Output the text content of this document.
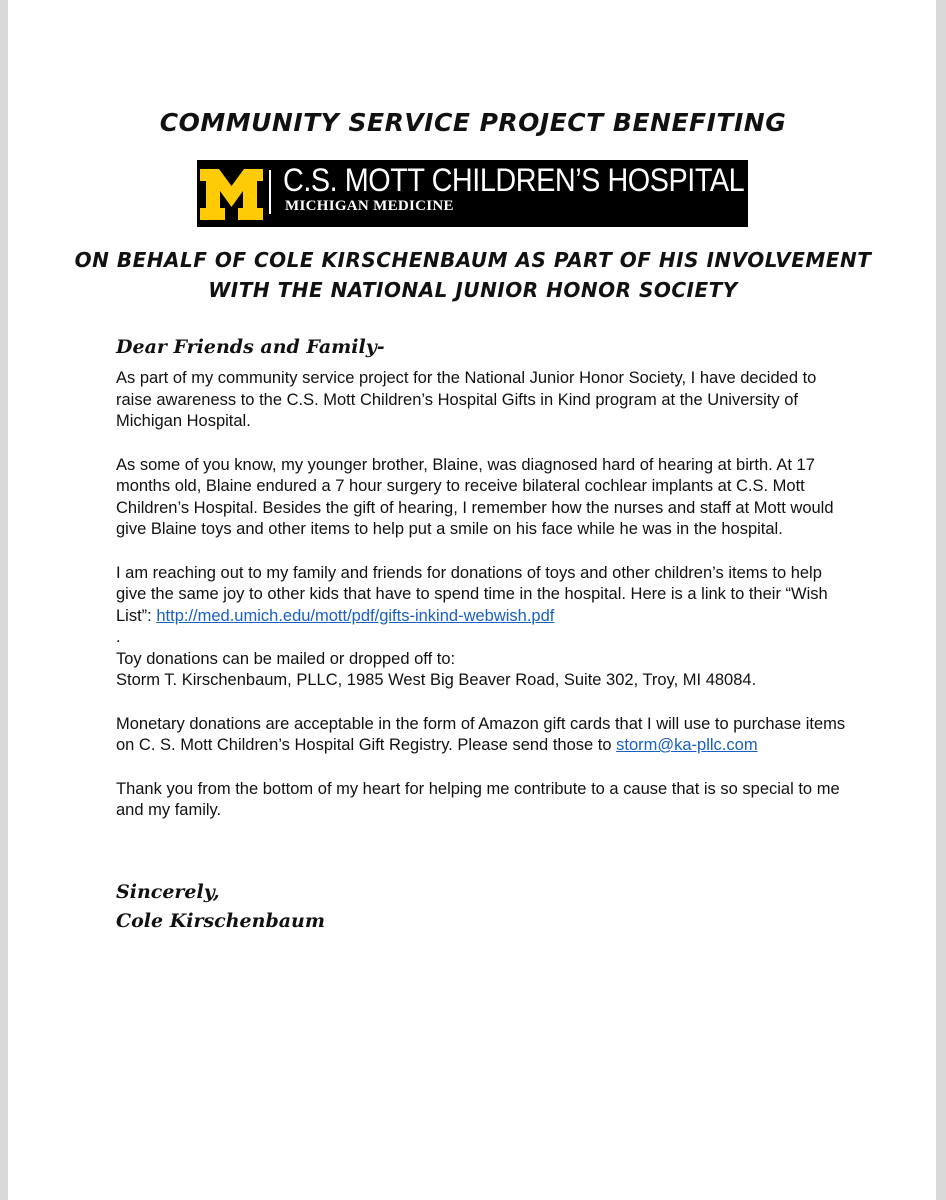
COMMUNITY SERVICE PROJECT BENEFITING
C.S. MOTT CHILDREN’S HOSPITAL
MICHIGAN MEDICINE
ON BEHALF OF COLE KIRSCHENBAUM AS PART OF HIS INVOLVEMENT
WITH THE NATIONAL JUNIOR HONOR SOCIETY
Dear Friends and Family-

As part of my community service project for the National Junior Honor Society, I have decided to raise awareness to the C.S. Mott Children’s Hospital Gifts in Kind program at the University of Michigan Hospital.

As some of you know, my younger brother, Blaine, was diagnosed hard of hearing at birth. At 17 months old, Blaine endured a 7 hour surgery to receive bilateral cochlear implants at C.S. Mott Children’s Hospital. Besides the gift of hearing, I remember how the nurses and staff at Mott would give Blaine toys and other items to help put a smile on his face while he was in the hospital.

I am reaching out to my family and friends for donations of toys and other children’s items to help give the same joy to other kids that have to spend time in the hospital. Here is a link to their “Wish List”: http://med.umich.edu/mott/pdf/gifts-inkind-webwish.pdf

.

Toy donations can be mailed or dropped off to:
Storm T. Kirschenbaum, PLLC, 1985 West Big Beaver Road, Suite 302, Troy, MI 48084.

Monetary donations are acceptable in the form of Amazon gift cards that I will use to purchase items on C. S. Mott Children’s Hospital Gift Registry. Please send those to storm@ka-pllc.com

Thank you from the bottom of my heart for helping me contribute to a cause that is so special to me and my family.

Sincerely,
Cole Kirschenbaum
